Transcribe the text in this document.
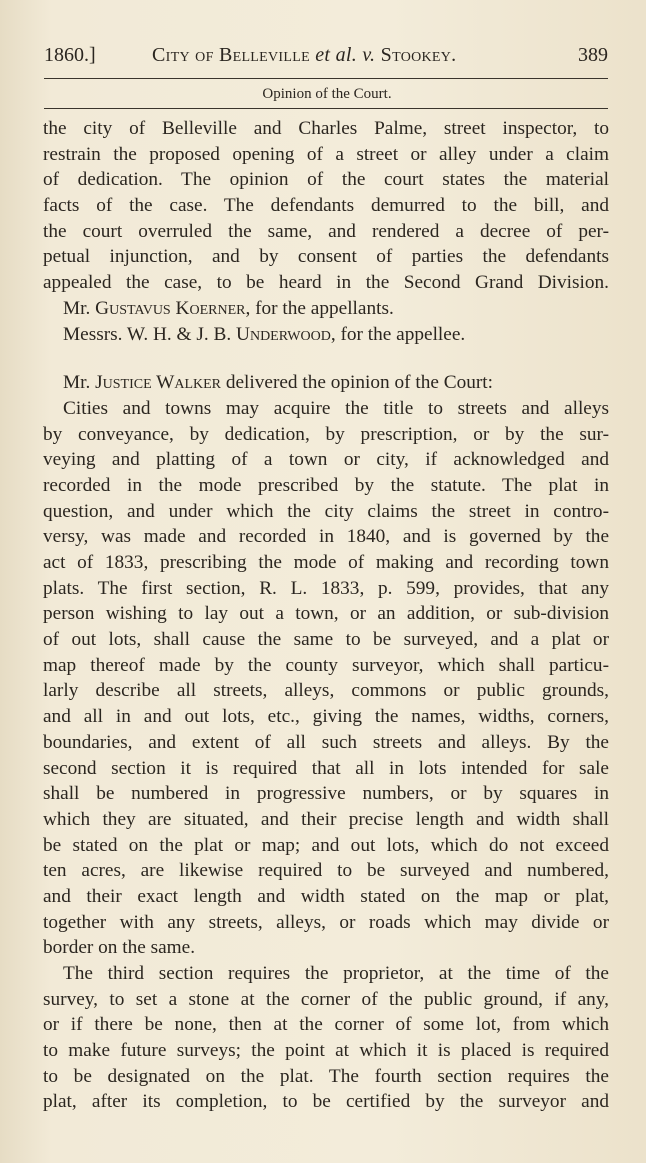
1860.]	City of Belleville et al. v. Stookey.	389
Opinion of the Court.
the city of Belleville and Charles Palme, street inspector, to
restrain the proposed opening of a street or alley under a claim
of dedication. The opinion of the court states the material
facts of the case. The defendants demurred to the bill, and
the court overruled the same, and rendered a decree of per-
petual injunction, and by consent of parties the defendants
appealed the case, to be heard in the Second Grand Division.
Mr. Gustavus Koerner, for the appellants.
Messrs. W. H. & J. B. Underwood, for the appellee.
Mr. Justice Walker delivered the opinion of the Court:
Cities and towns may acquire the title to streets and alleys
by conveyance, by dedication, by prescription, or by the sur-
veying and platting of a town or city, if acknowledged and
recorded in the mode prescribed by the statute. The plat in
question, and under which the city claims the street in contro-
versy, was made and recorded in 1840, and is governed by the
act of 1833, prescribing the mode of making and recording town
plats. The first section, R. L. 1833, p. 599, provides, that any
person wishing to lay out a town, or an addition, or sub-division
of out lots, shall cause the same to be surveyed, and a plat or
map thereof made by the county surveyor, which shall particu-
larly describe all streets, alleys, commons or public grounds,
and all in and out lots, etc., giving the names, widths, corners,
boundaries, and extent of all such streets and alleys. By the
second section it is required that all in lots intended for sale
shall be numbered in progressive numbers, or by squares in
which they are situated, and their precise length and width shall
be stated on the plat or map; and out lots, which do not exceed
ten acres, are likewise required to be surveyed and numbered,
and their exact length and width stated on the map or plat,
together with any streets, alleys, or roads which may divide or
border on the same.
The third section requires the proprietor, at the time of the
survey, to set a stone at the corner of the public ground, if any,
or if there be none, then at the corner of some lot, from which
to make future surveys; the point at which it is placed is required
to be designated on the plat. The fourth section requires the
plat, after its completion, to be certified by the surveyor and
